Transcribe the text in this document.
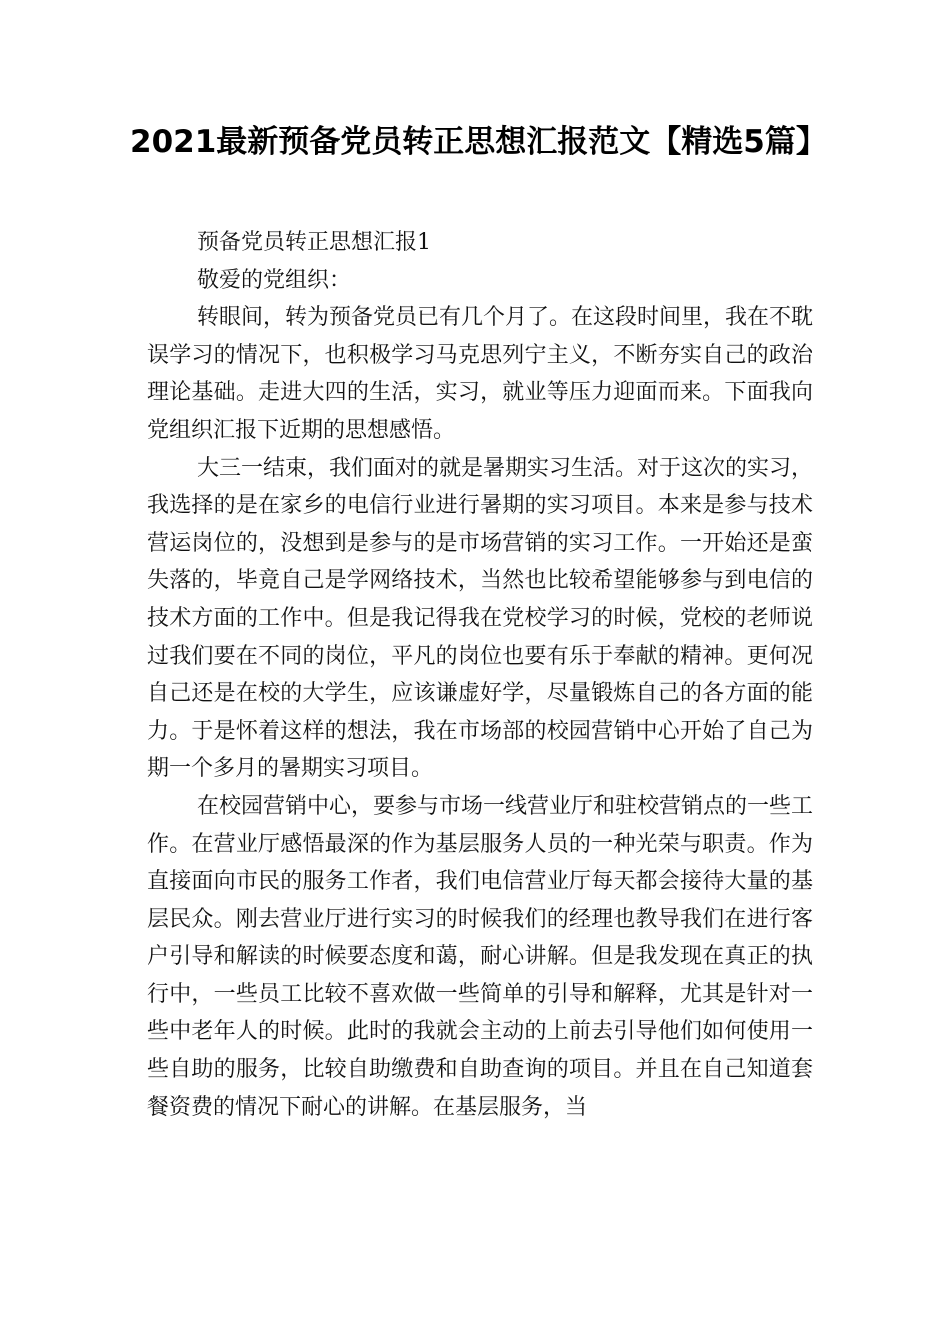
2021最新预备党员转正思想汇报范文【精选5篇】

预备党员转正思想汇报1

敬爱的党组织：

转眼间，转为预备党员已有几个月了。在这段时间里，我在不耽误学习的情况下，也积极学习马克思列宁主义，不断夯实自己的政治理论基础。走进大四的生活，实习，就业等压力迎面而来。下面我向党组织汇报下近期的思想感悟。

大三一结束，我们面对的就是暑期实习生活。对于这次的实习，我选择的是在家乡的电信行业进行暑期的实习项目。本来是参与技术营运岗位的，没想到是参与的是市场营销的实习工作。一开始还是蛮失落的，毕竟自己是学网络技术，当然也比较希望能够参与到电信的技术方面的工作中。但是我记得我在党校学习的时候，党校的老师说过我们要在不同的岗位，平凡的岗位也要有乐于奉献的精神。更何况自己还是在校的大学生，应该谦虚好学，尽量锻炼自己的各方面的能力。于是怀着这样的想法，我在市场部的校园营销中心开始了自己为期一个多月的暑期实习项目。

在校园营销中心，要参与市场一线营业厅和驻校营销点的一些工作。在营业厅感悟最深的作为基层服务人员的一种光荣与职责。作为直接面向市民的服务工作者，我们电信营业厅每天都会接待大量的基层民众。刚去营业厅进行实习的时候我们的经理也教导我们在进行客户引导和解读的时候要态度和蔼，耐心讲解。但是我发现在真正的执行中，一些员工比较不喜欢做一些简单的引导和解释，尤其是针对一些中老年人的时候。此时的我就会主动的上前去引导他们如何使用一些自助的服务，比较自助缴费和自助查询的项目。并且在自己知道套餐资费的情况下耐心的讲解。在基层服务，当
